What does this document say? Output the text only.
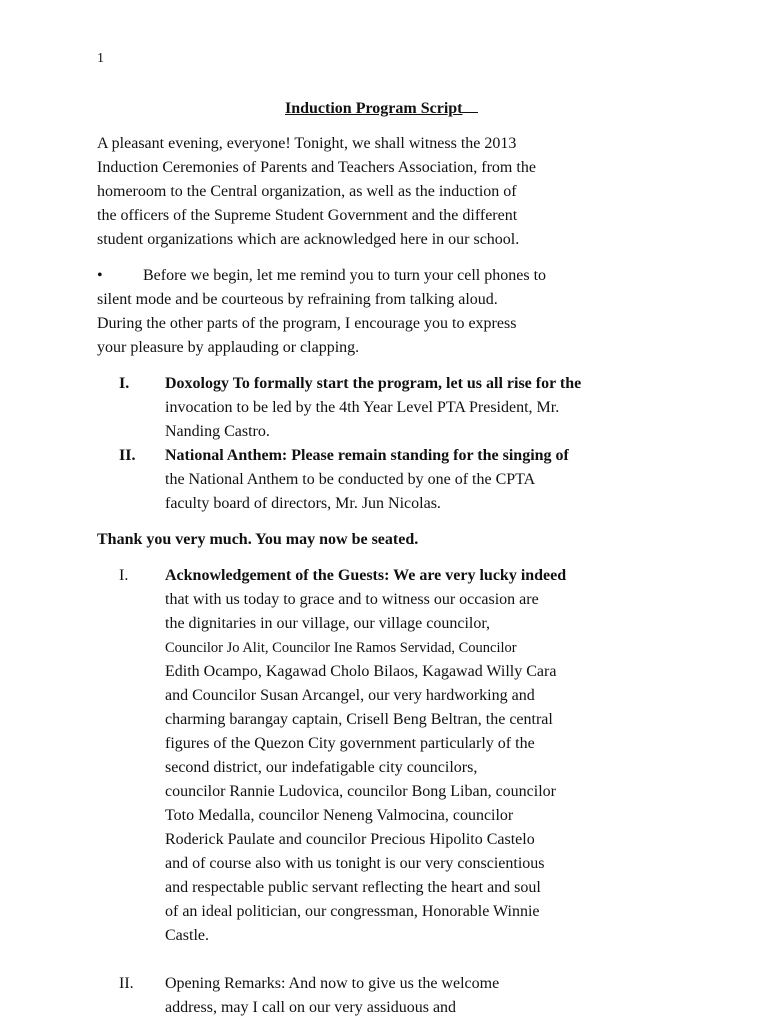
1
Induction Program Script
A pleasant evening, everyone! Tonight, we shall witness the 2013
Induction Ceremonies of Parents and Teachers Association, from the
homeroom to the Central organization, as well as the induction of
the officers of the Supreme Student Government and the different
student organizations which are acknowledged here in our school.
•	Before we begin, let me remind you to turn your cell phones to
silent mode and be courteous by refraining from talking aloud.
During the other parts of the program, I encourage you to express
your pleasure by applauding or clapping.
I. Doxology To formally start the program, let us all rise for the
invocation to be led by the 4th Year Level PTA President, Mr.
Nanding Castro.
II. National Anthem: Please remain standing for the singing of
the National Anthem to be conducted by one of the CPTA
faculty board of directors, Mr. Jun Nicolas.
Thank you very much. You may now be seated.
I. Acknowledgement of the Guests: We are very lucky indeed
that with us today to grace and to witness our occasion are
the dignitaries in our village, our village councilor,
Councilor Jo Alit, Councilor Ine Ramos Servidad, Councilor
Edith Ocampo, Kagawad Cholo Bilaos, Kagawad Willy Cara
and Councilor Susan Arcangel, our very hardworking and
charming barangay captain, Crisell Beng Beltran, the central
figures of the Quezon City government particularly of the
second district, our indefatigable city councilors,
councilor Rannie Ludovica, councilor Bong Liban, councilor
Toto Medalla, councilor Neneng Valmocina, councilor
Roderick Paulate and councilor Precious Hipolito Castelo
and of course also with us tonight is our very conscientious
and respectable public servant reflecting the heart and soul
of an ideal politician, our congressman, Honorable Winnie
Castle.
II. Opening Remarks: And now to give us the welcome
address, may I call on our very assiduous and
